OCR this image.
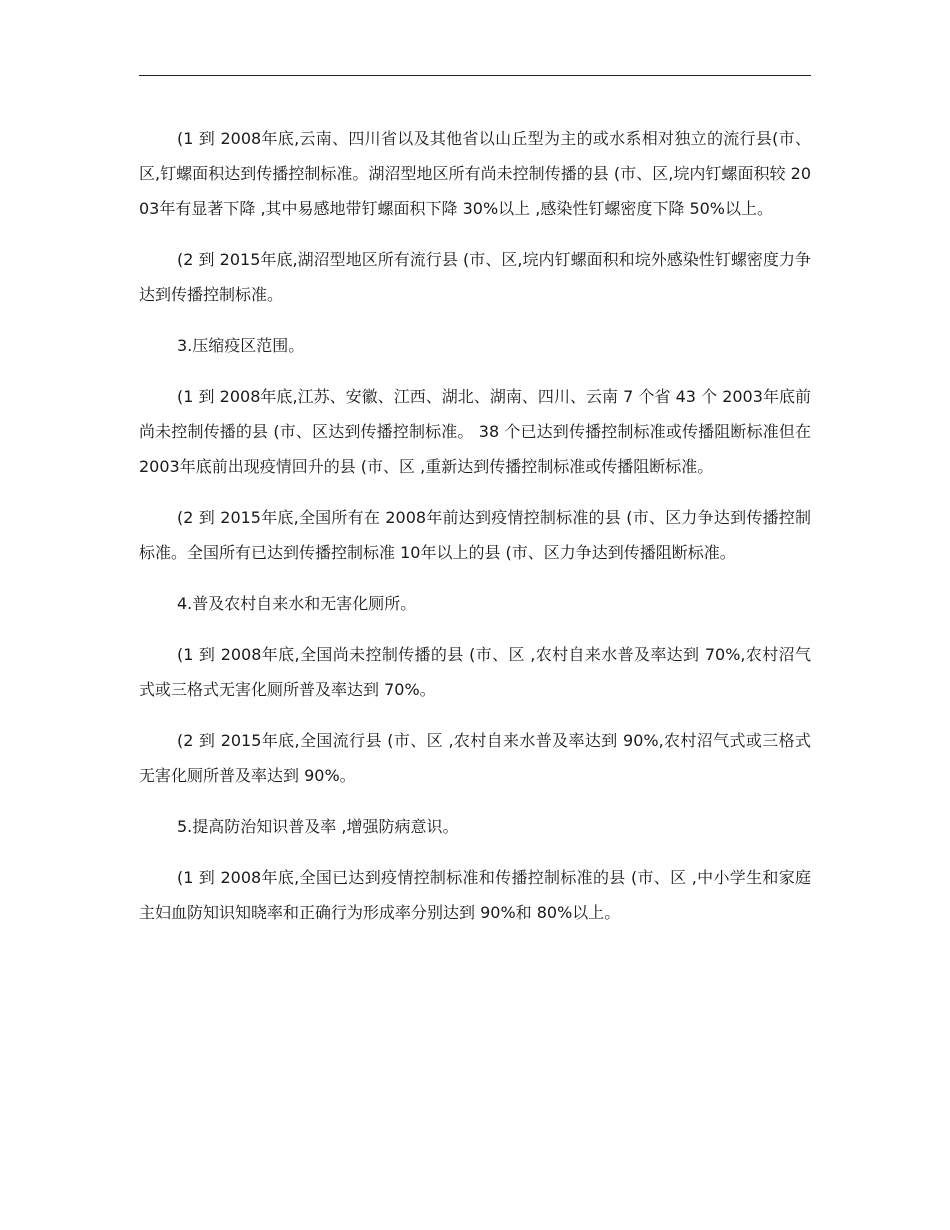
(1 到 2008年底,云南、四川省以及其他省以山丘型为主的或水系相对独立的流行县(市、区,钉螺面积达到传播控制标准。湖沼型地区所有尚未控制传播的县 (市、区,垸内钉螺面积较 2003年有显著下降 ,其中易感地带钉螺面积下降 30%以上 ,感染性钉螺密度下降 50%以上。

(2 到 2015年底,湖沼型地区所有流行县 (市、区,垸内钉螺面积和垸外感染性钉螺密度力争达到传播控制标准。

3.压缩疫区范围。

(1 到 2008年底,江苏、安徽、江西、湖北、湖南、四川、云南 7 个省 43 个 2003年底前尚未控制传播的县 (市、区达到传播控制标准。 38 个已达到传播控制标准或传播阻断标准但在 2003年底前出现疫情回升的县 (市、区 ,重新达到传播控制标准或传播阻断标准。

(2 到 2015年底,全国所有在 2008年前达到疫情控制标准的县 (市、区力争达到传播控制标准。全国所有已达到传播控制标准 10年以上的县 (市、区力争达到传播阻断标准。

4.普及农村自来水和无害化厕所。

(1 到 2008年底,全国尚未控制传播的县 (市、区 ,农村自来水普及率达到 70%,农村沼气式或三格式无害化厕所普及率达到 70%。

(2 到 2015年底,全国流行县 (市、区 ,农村自来水普及率达到 90%,农村沼气式或三格式无害化厕所普及率达到 90%。

5.提高防治知识普及率 ,增强防病意识。

(1 到 2008年底,全国已达到疫情控制标准和传播控制标准的县 (市、区 ,中小学生和家庭主妇血防知识知晓率和正确行为形成率分别达到 90%和 80%以上。
